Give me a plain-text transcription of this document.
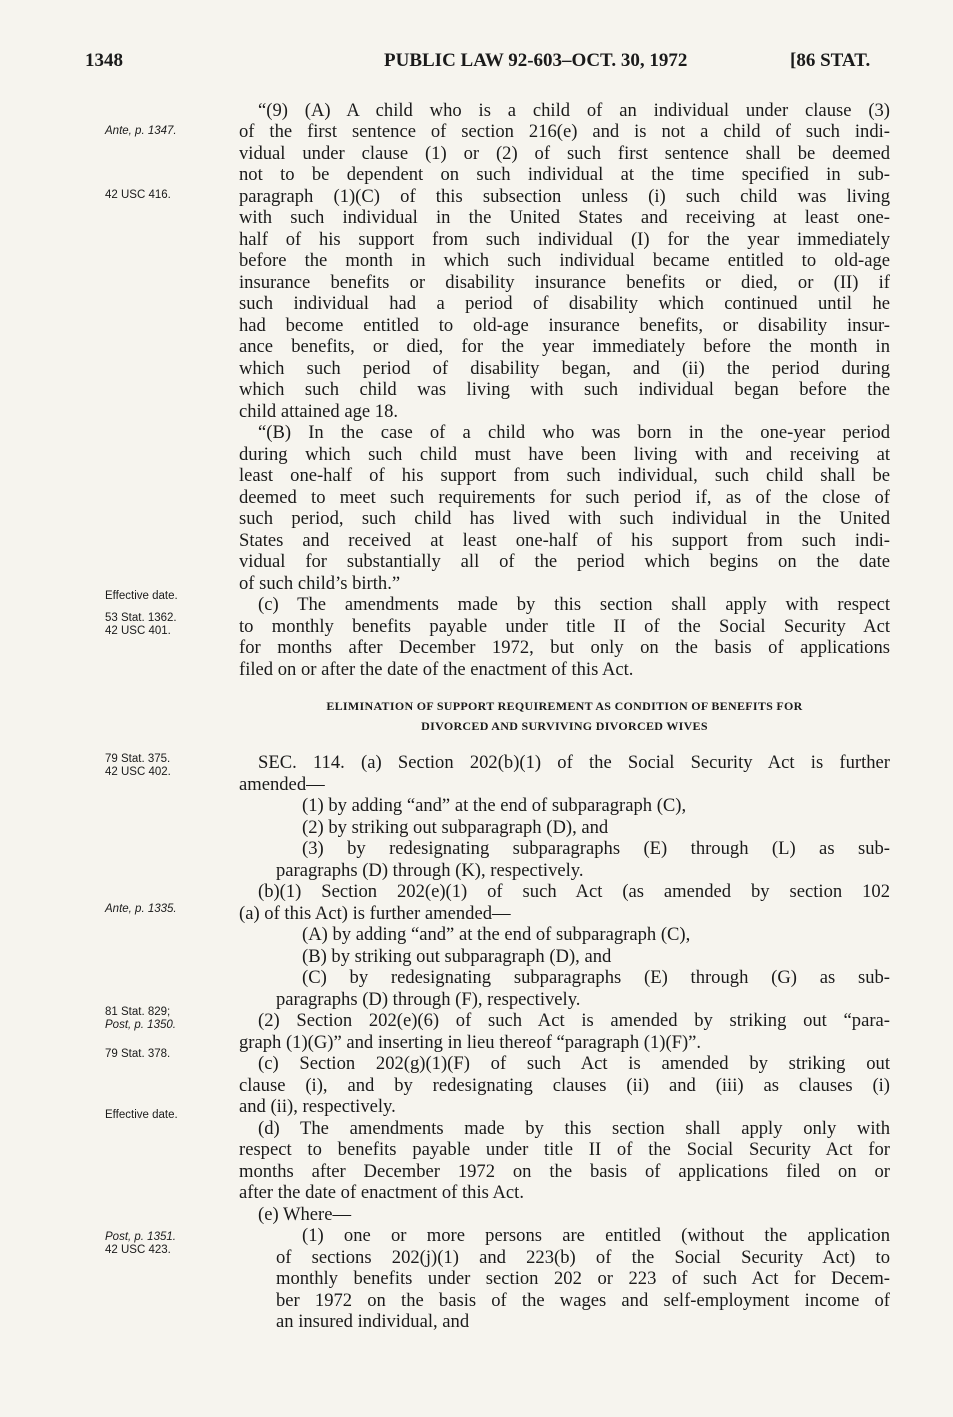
1348	PUBLIC LAW 92-603–OCT. 30, 1972	[86 STAT.
Ante, p. 1347.
42 USC 416.
Effective date.
53 Stat. 1362.
42 USC 401.
79 Stat. 375.
42 USC 402.
Ante, p. 1335.
81 Stat. 829;
Post, p. 1350.
79 Stat. 378.
Effective date.
Post, p. 1351.
42 USC 423.
“(9) (A) A child who is a child of an individual under clause (3)
of the first sentence of section 216(e) and is not a child of such indi-
vidual under clause (1) or (2) of such first sentence shall be deemed
not to be dependent on such individual at the time specified in sub-
paragraph (1)(C) of this subsection unless (i) such child was living
with such individual in the United States and receiving at least one-
half of his support from such individual (I) for the year immediately
before the month in which such individual became entitled to old-age
insurance benefits or disability insurance benefits or died, or (II) if
such individual had a period of disability which continued until he
had become entitled to old-age insurance benefits, or disability insur-
ance benefits, or died, for the year immediately before the month in
which such period of disability began, and (ii) the period during
which such child was living with such individual began before the
child attained age 18.
“(B) In the case of a child who was born in the one-year period
during which such child must have been living with and receiving at
least one-half of his support from such individual, such child shall be
deemed to meet such requirements for such period if, as of the close of
such period, such child has lived with such individual in the United
States and received at least one-half of his support from such indi-
vidual for substantially all of the period which begins on the date
of such child’s birth.”
(c) The amendments made by this section shall apply with respect
to monthly benefits payable under title II of the Social Security Act
for months after December 1972, but only on the basis of applications
filed on or after the date of the enactment of this Act.
ELIMINATION OF SUPPORT REQUIREMENT AS CONDITION OF BENEFITS FOR
DIVORCED AND SURVIVING DIVORCED WIVES
SEC. 114. (a) Section 202(b)(1) of the Social Security Act is further
amended—
(1) by adding “and” at the end of subparagraph (C),
(2) by striking out subparagraph (D), and
(3) by redesignating subparagraphs (E) through (L) as sub-
paragraphs (D) through (K), respectively.
(b)(1) Section 202(e)(1) of such Act (as amended by section 102
(a) of this Act) is further amended—
(A) by adding “and” at the end of subparagraph (C),
(B) by striking out subparagraph (D), and
(C) by redesignating subparagraphs (E) through (G) as sub-
paragraphs (D) through (F), respectively.
(2) Section 202(e)(6) of such Act is amended by striking out “para-
graph (1)(G)” and inserting in lieu thereof “paragraph (1)(F)”.
(c) Section 202(g)(1)(F) of such Act is amended by striking out
clause (i), and by redesignating clauses (ii) and (iii) as clauses (i)
and (ii), respectively.
(d) The amendments made by this section shall apply only with
respect to benefits payable under title II of the Social Security Act for
months after December 1972 on the basis of applications filed on or
after the date of enactment of this Act.
(e) Where—
(1) one or more persons are entitled (without the application
of sections 202(j)(1) and 223(b) of the Social Security Act) to
monthly benefits under section 202 or 223 of such Act for Decem-
ber 1972 on the basis of the wages and self-employment income of
an insured individual, and
